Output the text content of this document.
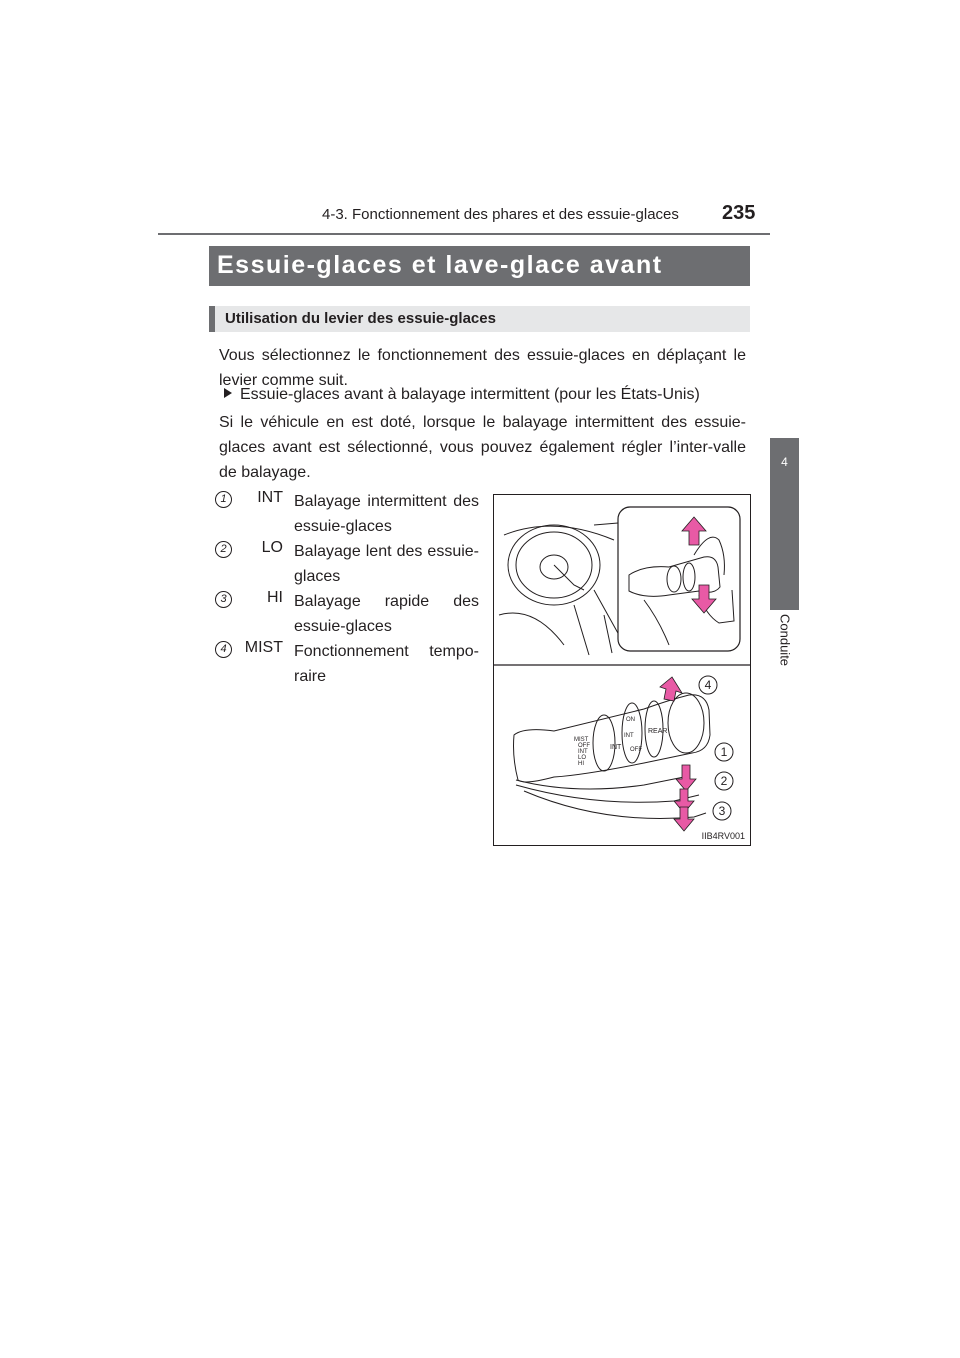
4-3. Fonctionnement des phares et des essuie-glaces 235
4
Conduite
Essuie-glaces et lave-glace avant
Utilisation du levier des essuie-glaces
Vous sélectionnez le fonctionnement des essuie-glaces en déplaçant le levier comme suit.
Essuie-glaces avant à balayage intermittent (pour les États-Unis)
Si le véhicule en est doté, lorsque le balayage intermittent des essuie-glaces avant est sélectionné, vous pouvez également régler l’inter-valle de balayage.
1	INT Balayage intermittent des essuie-glaces
2	LO Balayage lent des essuie-glaces
3	HI Balayage rapide des essuie-glaces
4	MIST Fonctionnement tempo-raire
MIST
OFF
INT
LO
HI
INT OFF
ON
INT
REAR
4
1
2
3
IIB4RV001
